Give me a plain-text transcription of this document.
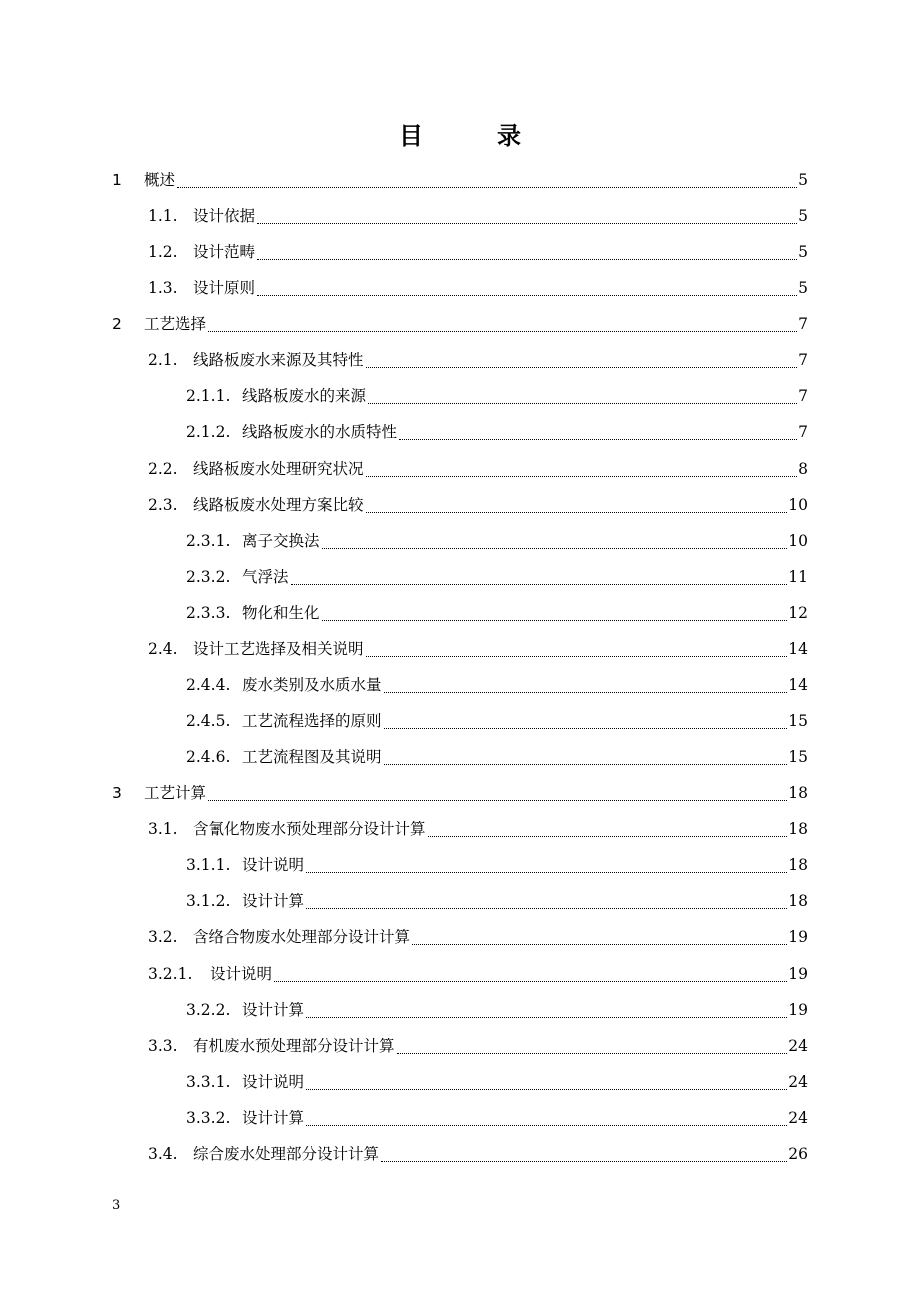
目	录
1	概述	5
1.1. 设计依据	5
1.2. 设计范畴	5
1.3. 设计原则	5
2	工艺选择	7
2.1. 线路板废水来源及其特性	7
2.1.1. 线路板废水的来源	7
2.1.2. 线路板废水的水质特性	7
2.2. 线路板废水处理研究状况	8
2.3. 线路板废水处理方案比较	10
2.3.1. 离子交换法	10
2.3.2. 气浮法	11
2.3.3. 物化和生化	12
2.4. 设计工艺选择及相关说明	14
2.4.4. 废水类别及水质水量	14
2.4.5. 工艺流程选择的原则	15
2.4.6. 工艺流程图及其说明	15
3	工艺计算	18
3.1. 含氰化物废水预处理部分设计计算	18
3.1.1. 设计说明	18
3.1.2. 设计计算	18
3.2. 含络合物废水处理部分设计计算	19
3.2.1.	设计说明	19
3.2.2. 设计计算	19
3.3. 有机废水预处理部分设计计算	24
3.3.1. 设计说明	24
3.3.2. 设计计算	24
3.4. 综合废水处理部分设计计算	26
3
